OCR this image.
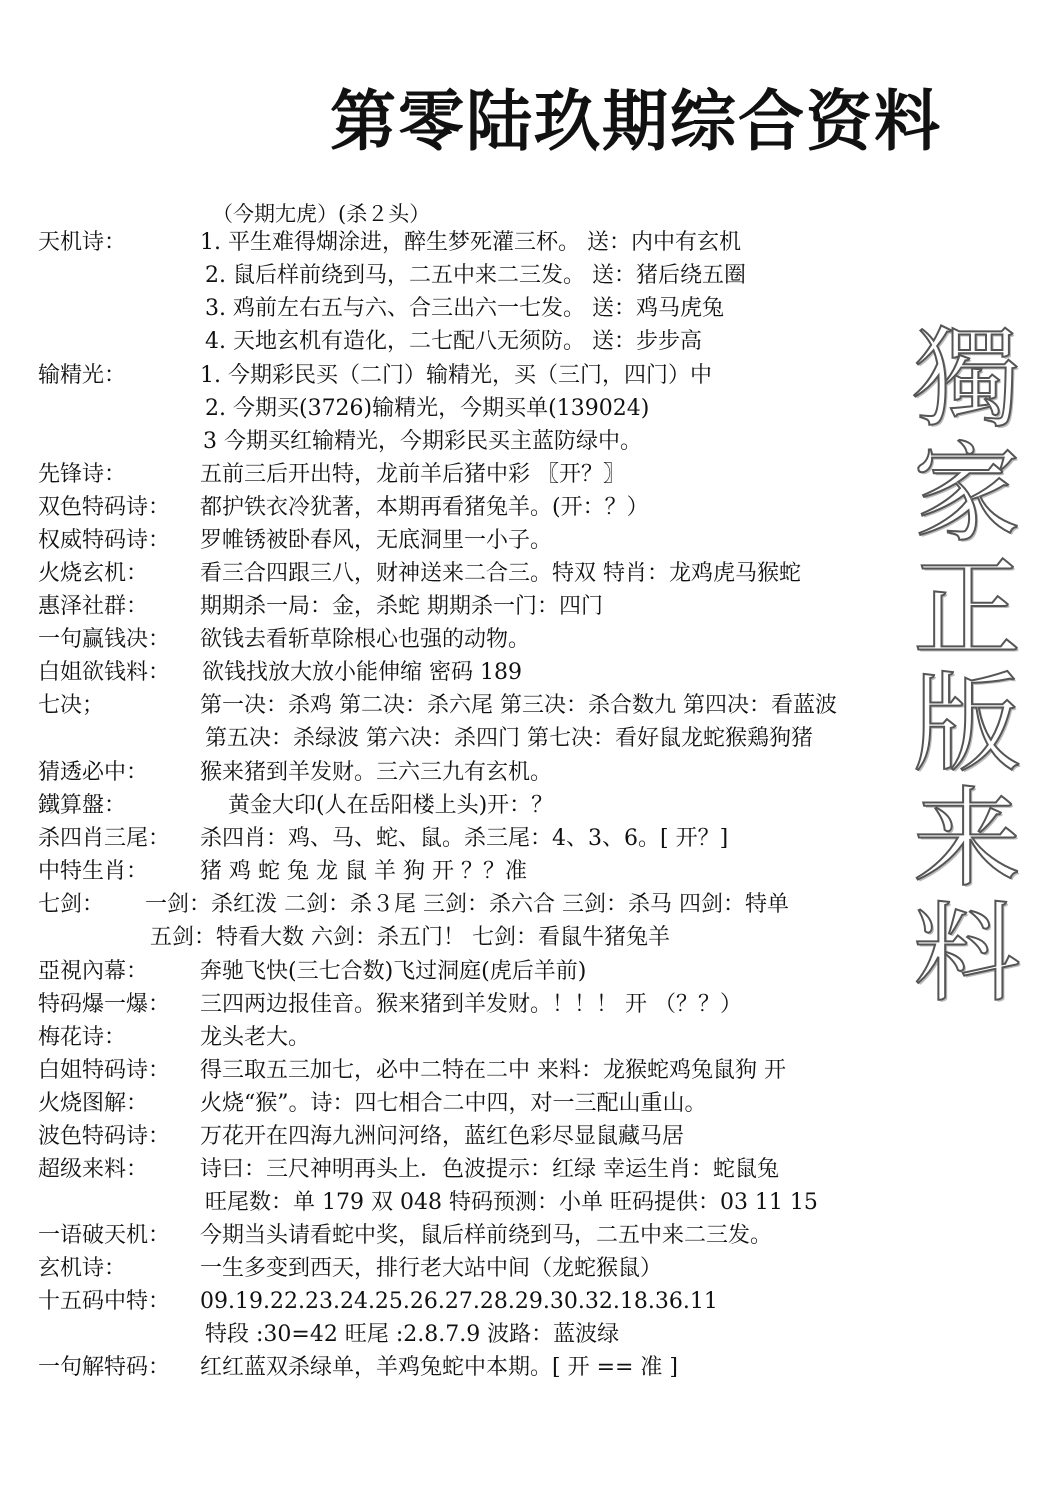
第零陆玖期综合资料
（今期尢虎）(杀２头）
天机诗：	1. 平生难得煳涂进，醉生梦死灌三杯。 送：内中有玄机
2. 鼠后样前绕到马，二五中来二三发。 送：猪后绕五圈
3. 鸡前左右五与六、合三出六一七发。 送：鸡马虎兔
4. 天地玄机有造化，二七配八无须防。 送：步步高
输精光：	1. 今期彩民买（二门）输精光，买（三门，四门）中
2. 今期买(3726)输精光，今期买单(139024)
3 今期买红输精光，今期彩民买主蓝防绿中。
先锋诗：	五前三后开出特，龙前羊后猪中彩 〖开？〗
双色特码诗： 都护铁衣冷犹著，本期再看猪兔羊。(开：？）
权威特码诗： 罗帷锈被卧春风，无底洞里一小子。
火烧玄机： 看三合四跟三八，财神送来二合三。特双 特肖：龙鸡虎马猴蛇
惠泽社群： 期期杀一局：金，杀蛇 期期杀一门：四门
一句赢钱决： 欲钱去看斩草除根心也强的动物。
白姐欲钱料： 欲钱找放大放小能伸缩 密码 189
七决；	第一决：杀鸡 第二决：杀六尾 第三决：杀合数九 第四决：看蓝波
第五决：杀绿波 第六决：杀四门 第七决：看好鼠龙蛇猴鶏狗猪
猜透必中： 猴来猪到羊发财。三六三九有玄机。
鐵算盤：	黄金大印(人在岳阳楼上头)开：？
杀四肖三尾： 杀四肖：鸡、马、蛇、鼠。杀三尾：4、3、6。[ 开？]
中特生肖： 猪 鸡 蛇 兔 龙 鼠 羊 狗 开 ？？准
七剑： 一剑：杀红泼 二剑：杀３尾 三剑：杀六合 三剑：杀马 四剑：特单
五剑：特看大数 六剑：杀五门！ 七剑：看鼠牛猪兔羊
亞視內幕： 奔驰飞快(三七合数)飞过洞庭(虎后羊前)
特码爆一爆： 三四两边报佳音。猴来猪到羊发财。！！！ 开 （？？）
梅花诗：	龙头老大。
白姐特码诗： 得三取五三加七，必中二特在二中 来料：龙猴蛇鸡兔鼠狗 开
火烧图解： 火烧“猴”。诗：四七相合二中四，对一三配山重山。
波色特码诗： 万花开在四海九洲问河络，蓝红色彩尽显鼠藏马居
超级来料： 诗曰：三尺神明再头上．色波提示：红绿 幸运生肖：蛇鼠兔
旺尾数：单 179 双 048 特码预测：小单 旺码提供：03 11 15
一语破天机： 今期当头请看蛇中奖，鼠后样前绕到马，二五中来二三发。
玄机诗：	一生多变到西天，排行老大站中间（龙蛇猴鼠）
十五码中特： 09.19.22.23.24.25.26.27.28.29.30.32.18.36.11
特段 :30=42 旺尾 :2.8.7.9 波路：蓝波绿
一句解特码： 红红蓝双杀绿单，羊鸡兔蛇中本期。[ 开 == 准 ]
獨
家
正
版
来
料
